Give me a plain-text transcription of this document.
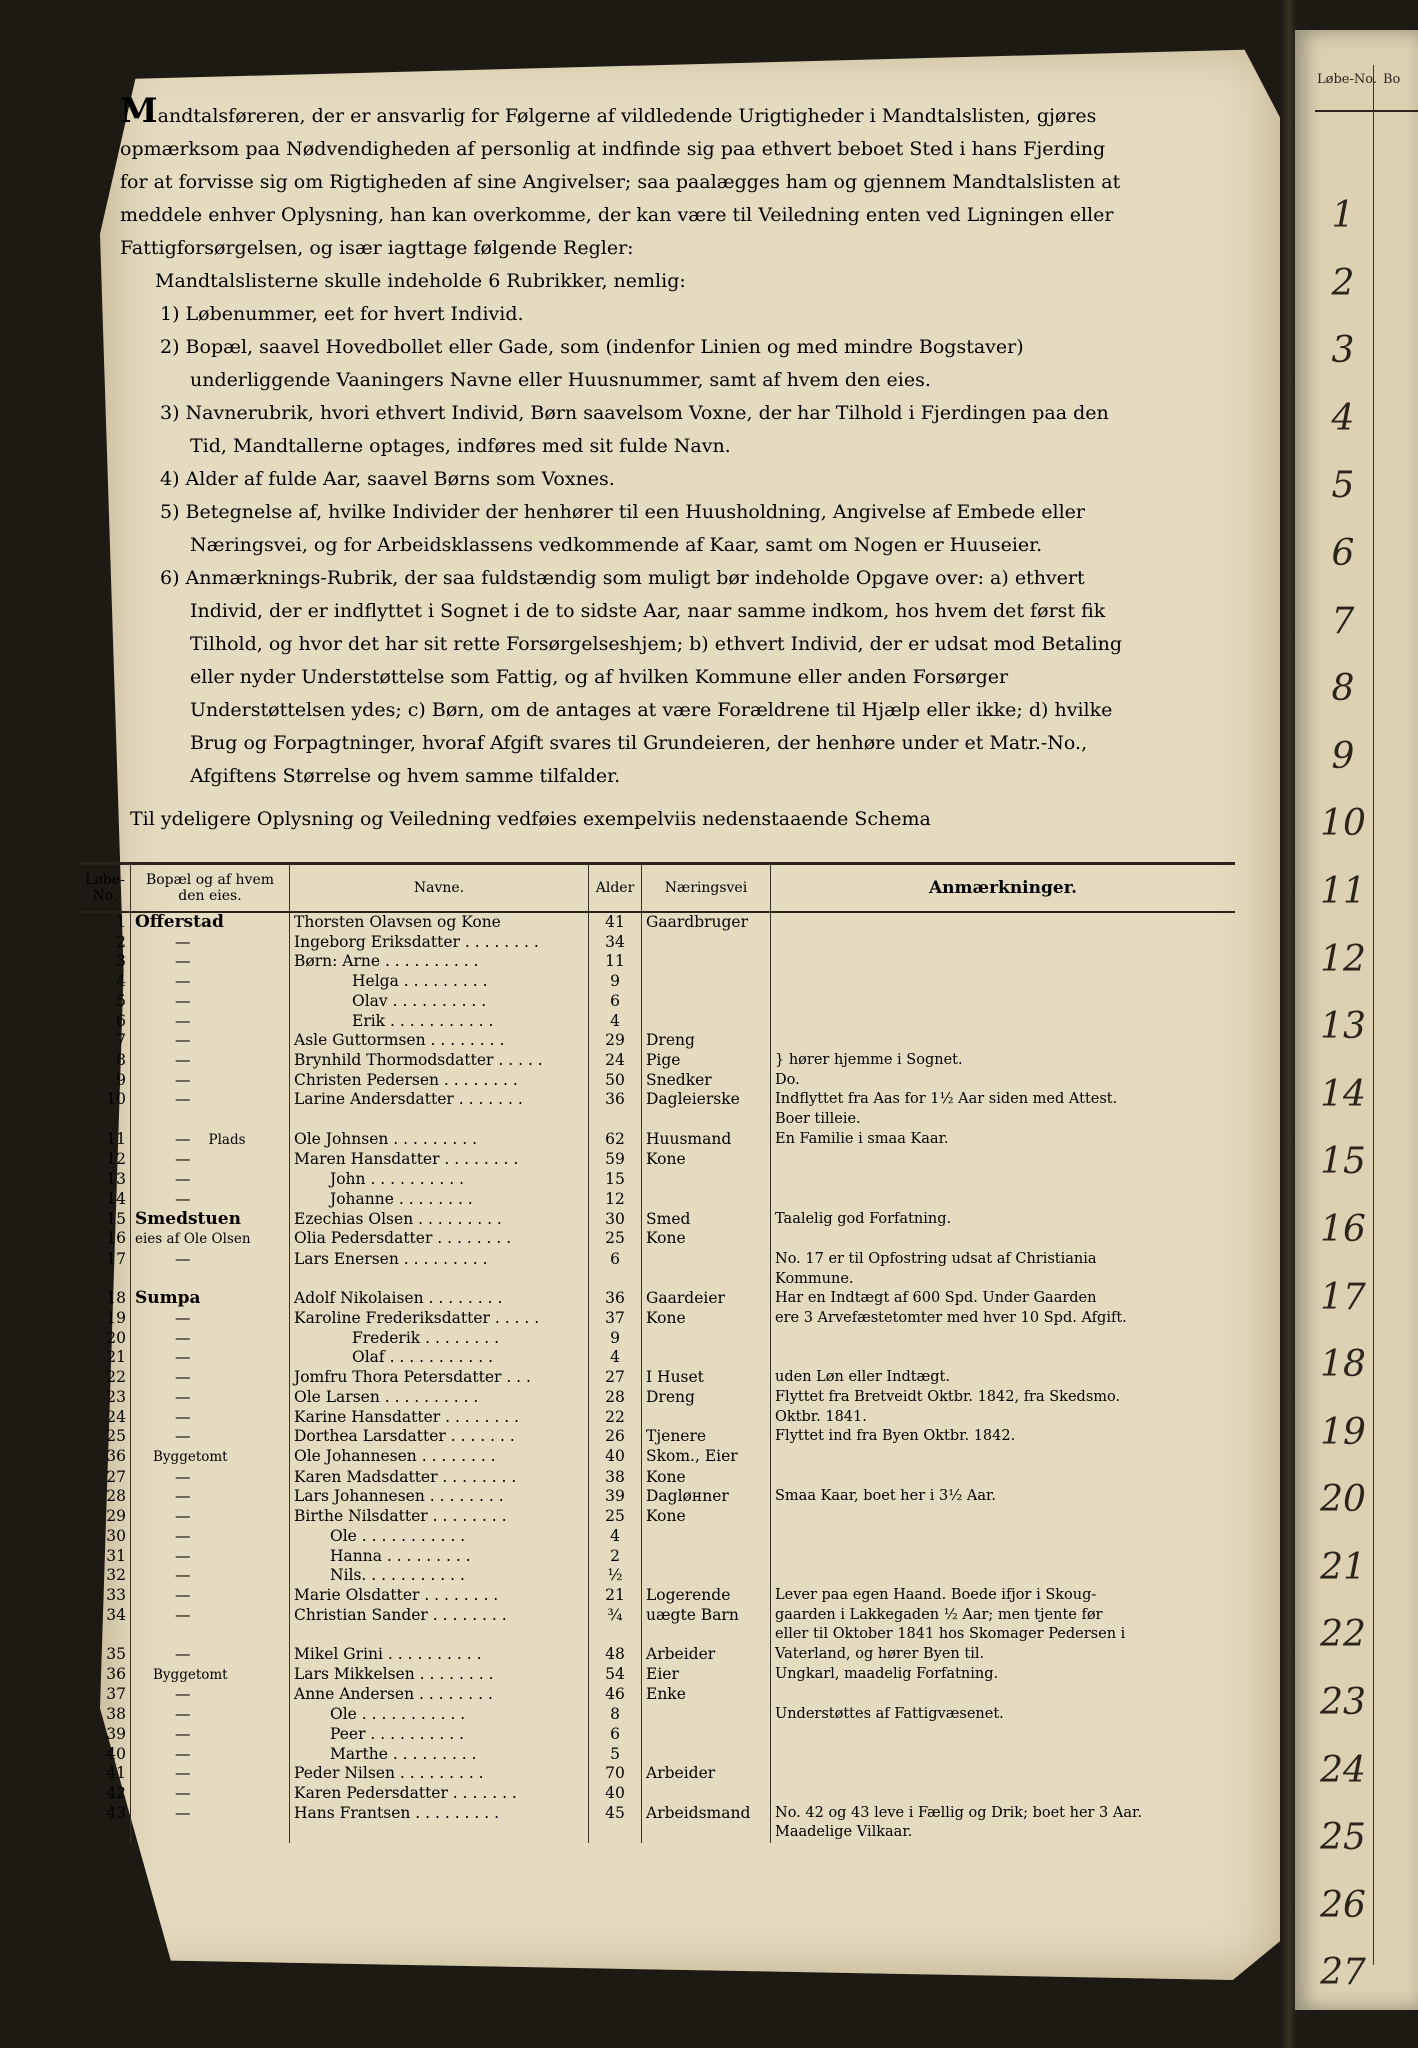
Mandtalsføreren, der er ansvarlig for Følgerne af vildledende Urigtigheder i Mandtalslisten, gjøres opmærksom paa Nødvendigheden af personlig at indfinde sig paa ethvert beboet Sted i hans Fjerding for at forvisse sig om Rigtigheden af sine Angivelser; saa paalægges ham og gjennem Mandtalslisten at meddele enhver Oplysning, han kan overkomme, der kan være til Veiledning enten ved Ligningen eller Fattigforsørgelsen, og især iagttage følgende Regler:

Mandtalslisterne skulle indeholde 6 Rubrikker, nemlig:

1) Løbenummer, eet for hvert Individ.

2) Bopæl, saavel Hovedbollet eller Gade, som (indenfor Linien og med mindre Bogstaver) underliggende Vaaningers Navne eller Huusnummer, samt af hvem den eies.

3) Navnerubrik, hvori ethvert Individ, Børn saavelsom Voxne, der har Tilhold i Fjerdingen paa den Tid, Mandtallerne optages, indføres med sit fulde Navn.

4) Alder af fulde Aar, saavel Børns som Voxnes.

5) Betegnelse af, hvilke Individer der henhører til een Huusholdning, Angivelse af Embede eller Næringsvei, og for Arbeidsklassens vedkommende af Kaar, samt om Nogen er Huuseier.

6) Anmærknings-Rubrik, der saa fuldstændig som muligt bør indeholde Opgave over: a) ethvert Individ, der er indflyttet i Sognet i de to sidste Aar, naar samme indkom, hos hvem det først fik Tilhold, og hvor det har sit rette Forsørgelseshjem; b) ethvert Individ, der er udsat mod Betaling eller nyder Understøttelse som Fattig, og af hvilken Kommune eller anden Forsørger Understøttelsen ydes; c) Børn, om de antages at være Forældrene til Hjælp eller ikke; d) hvilke Brug og Forpagtninger, hvoraf Afgift svares til Grundeieren, der henhøre under et Matr.-No., Afgiftens Størrelse og hvem samme tilfalder.

Til ydeligere Oplysning og Veiledning vedføies exempelviis nedenstaaende Schema

Løbe-No.	Bopæl og af hvem den eies.	Navne.	Alder	Næringsvei	Anmærkninger.
1	Offerstad	Thorsten Olavsen og Kone	41	Gaardbruger	
2	—	Ingeborg Eriksdatter . . . . . . . .	34		
3	—	Børn: Arne . . . . . . . . . .	11		
4	—	Helga . . . . . . . . .	9		
5	—	Olav . . . . . . . . . .	6		
6	—	Erik . . . . . . . . . . .	4		
7	—	Asle Guttormsen . . . . . . . .	29	Dreng	
8	—	Brynhild Thormodsdatter . . . . .	24	Pige	} hører hjemme i Sognet.
9	—	Christen Pedersen . . . . . . . .	50	Snedker	Do.
10	—	Larine Andersdatter . . . . . . .	36	Dagleierske	Indflyttet fra Aas for 1½ Aar siden med Attest.
					Boer tilleie.
11	— Plads	Ole Johnsen . . . . . . . . .	62	Huusmand	En Familie i smaa Kaar.
12	—	Maren Hansdatter . . . . . . . .	59	Kone	
13	—	John . . . . . . . . . .	15		
14	—	Johanne . . . . . . . .	12		
15	Smedstuen	Ezechias Olsen . . . . . . . . .	30	Smed	Taalelig god Forfatning.
16	eies af Ole Olsen	Olia Pedersdatter . . . . . . . .	25	Kone	
17	—	Lars Enersen . . . . . . . . .	6		No. 17 er til Opfostring udsat af Christiania
					Kommune.
18	Sumpa	Adolf Nikolaisen . . . . . . . .	36	Gaardeier	Har en Indtægt af 600 Spd. Under Gaarden
19	—	Karoline Frederiksdatter . . . . .	37	Kone	ere 3 Arvefæstetomter med hver 10 Spd. Afgift.
20	—	Frederik . . . . . . . .	9		
21	—	Olaf . . . . . . . . . . .	4		
22	—	Jomfru Thora Petersdatter . . .	27	I Huset	uden Løn eller Indtægt.
23	—	Ole Larsen . . . . . . . . . .	28	Dreng	Flyttet fra Bretveidt Oktbr. 1842, fra Skedsmo.
24	—	Karine Hansdatter . . . . . . . .	22		Oktbr. 1841.
25	—	Dorthea Larsdatter . . . . . . .	26	Tjenere	Flyttet ind fra Byen Oktbr. 1842.
36	Byggetomt	Ole Johannesen . . . . . . . .	40	Skom., Eier	
27	—	Karen Madsdatter . . . . . . . .	38	Kone	
28	—	Lars Johannesen . . . . . . . .	39	Dagløнner	Smaa Kaar, boet her i 3½ Aar.
29	—	Birthe Nilsdatter . . . . . . . .	25	Kone	
30	—	Ole . . . . . . . . . . .	4		
31	—	Hanna . . . . . . . . .	2		
32	—	Nils. . . . . . . . . . .	½		
33	—	Marie Olsdatter . . . . . . . .	21	Logerende	Lever paa egen Haand. Boede ifjor i Skoug-
34	—	Christian Sander . . . . . . . .	¾	uægte Barn	gaarden i Lakkegaden ½ Aar; men tjente før
					eller til Oktober 1841 hos Skomager Pedersen i
35	—	Mikel Grini . . . . . . . . . .	48	Arbeider	Vaterland, og hører Byen til.
36	Byggetomt	Lars Mikkelsen . . . . . . . .	54	Eier	Ungkarl, maadelig Forfatning.
37	—	Anne Andersen . . . . . . . .	46	Enke	
38	—	Ole . . . . . . . . . . .	8		Understøttes af Fattigvæsenet.
39	—	Peer . . . . . . . . . .	6		
40	—	Marthe . . . . . . . . .	5		
41	—	Peder Nilsen . . . . . . . . .	70	Arbeider	
42	—	Karen Pedersdatter . . . . . . .	40		
43	—	Hans Frantsen . . . . . . . . .	45	Arbeidsmand	No. 42 og 43 leve i Fællig og Drik; boet her 3 Aar.
					Maadelige Vilkaar.
Løbe-No. Bo
1
2
3
4
5
6
7
8
9
10
11
12
13
14
15
16
17
18
19
20
21
22
23
24
25
26
27
